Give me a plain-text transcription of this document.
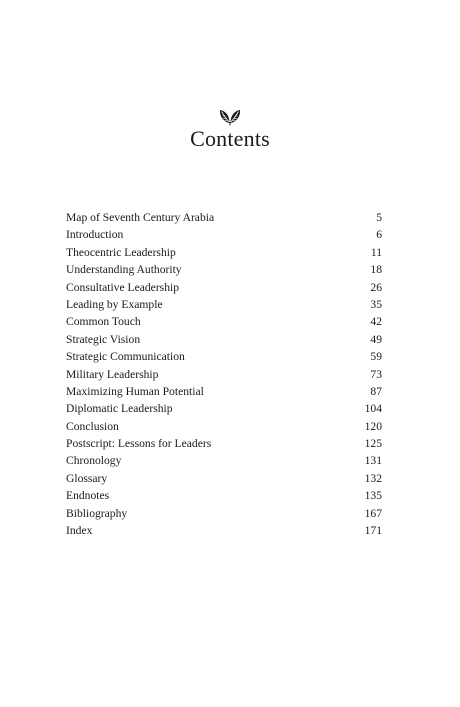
Contents
Map of Seventh Century Arabia	5
Introduction	6
Theocentric Leadership	11
Understanding Authority	18
Consultative Leadership	26
Leading by Example	35
Common Touch	42
Strategic Vision	49
Strategic Communication	59
Military Leadership	73
Maximizing Human Potential	87
Diplomatic Leadership	104
Conclusion	120
Postscript: Lessons for Leaders	125
Chronology	131
Glossary	132
Endnotes	135
Bibliography	167
Index	171
